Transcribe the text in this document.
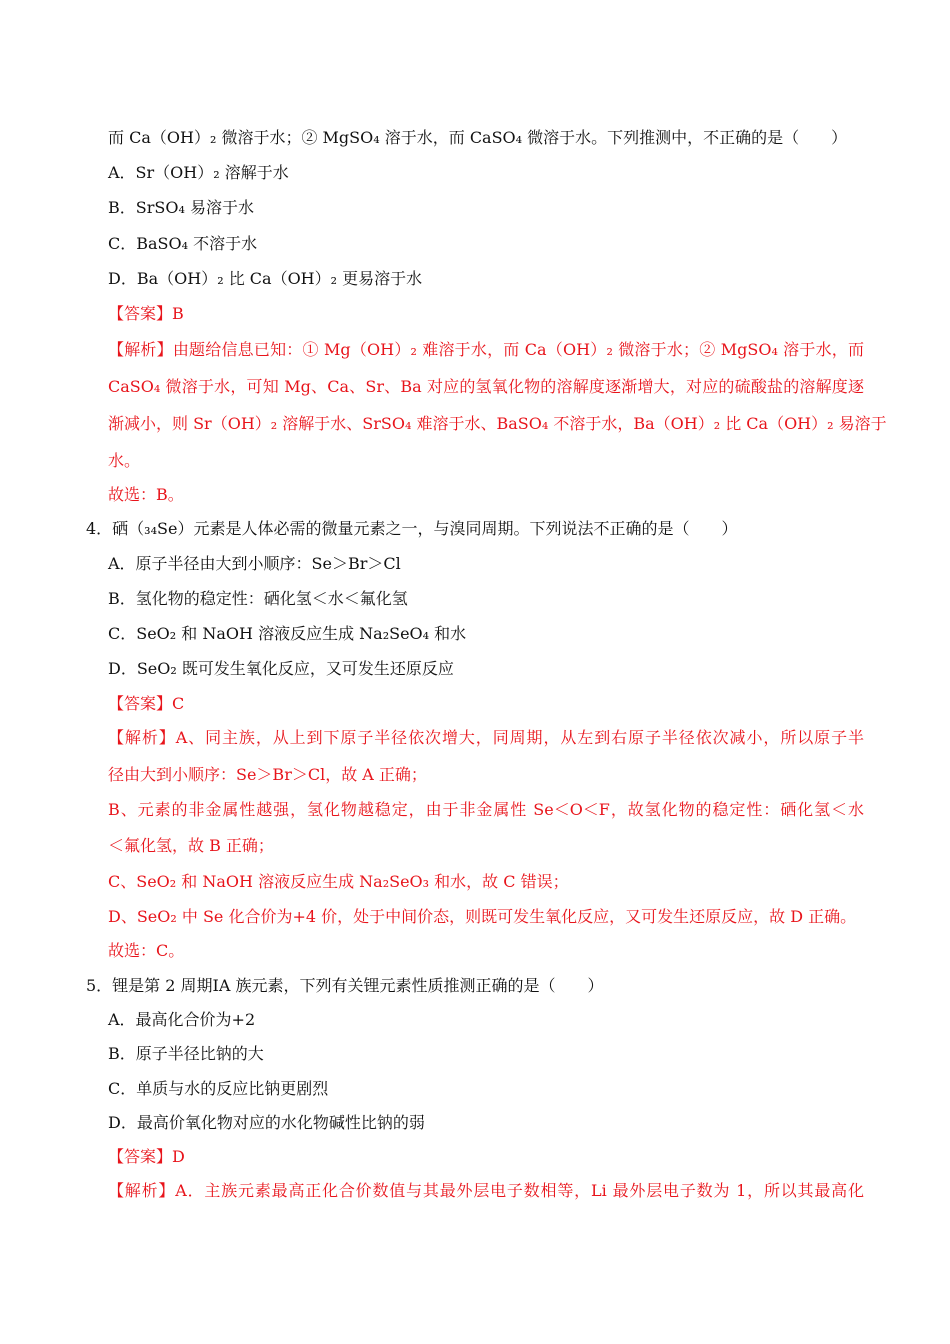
而 Ca（OH）₂ 微溶于水；② MgSO₄ 溶于水，而 CaSO₄ 微溶于水。下列推测中，不正确的是（　　）
A．Sr（OH）₂ 溶解于水
B．SrSO₄ 易溶于水
C．BaSO₄ 不溶于水
D．Ba（OH）₂ 比 Ca（OH）₂ 更易溶于水
【答案】B
【解析】由题给信息已知：① Mg（OH）₂ 难溶于水，而 Ca（OH）₂ 微溶于水；② MgSO₄ 溶于水，而
CaSO₄ 微溶于水，可知 Mg、Ca、Sr、Ba 对应的氢氧化物的溶解度逐渐增大，对应的硫酸盐的溶解度逐
渐减小，则 Sr（OH）₂ 溶解于水、SrSO₄ 难溶于水、BaSO₄ 不溶于水，Ba（OH）₂ 比 Ca（OH）₂ 易溶于
水。
故选：B。
4．硒（₃₄Se）元素是人体必需的微量元素之一，与溴同周期。下列说法不正确的是（　　）
A．原子半径由大到小顺序：Se＞Br＞Cl
B．氢化物的稳定性：硒化氢＜水＜氟化氢
C．SeO₂ 和 NaOH 溶液反应生成 Na₂SeO₄ 和水
D．SeO₂ 既可发生氧化反应，又可发生还原反应
【答案】C
【解析】A、同主族，从上到下原子半径依次增大，同周期，从左到右原子半径依次减小，所以原子半
径由大到小顺序：Se＞Br＞Cl，故 A 正确；
B、元素的非金属性越强，氢化物越稳定，由于非金属性 Se＜O＜F，故氢化物的稳定性：硒化氢＜水
＜氟化氢，故 B 正确；
C、SeO₂ 和 NaOH 溶液反应生成 Na₂SeO₃ 和水，故 C 错误；
D、SeO₂ 中 Se 化合价为+4 价，处于中间价态，则既可发生氧化反应，又可发生还原反应，故 D 正确。
故选：C。
5．锂是第 2 周期ⅠA 族元素，下列有关锂元素性质推测正确的是（　　）
A．最高化合价为+2
B．原子半径比钠的大
C．单质与水的反应比钠更剧烈
D．最高价氧化物对应的水化物碱性比钠的弱
【答案】D
【解析】A．主族元素最高正化合价数值与其最外层电子数相等，Li 最外层电子数为 1，所以其最高化
